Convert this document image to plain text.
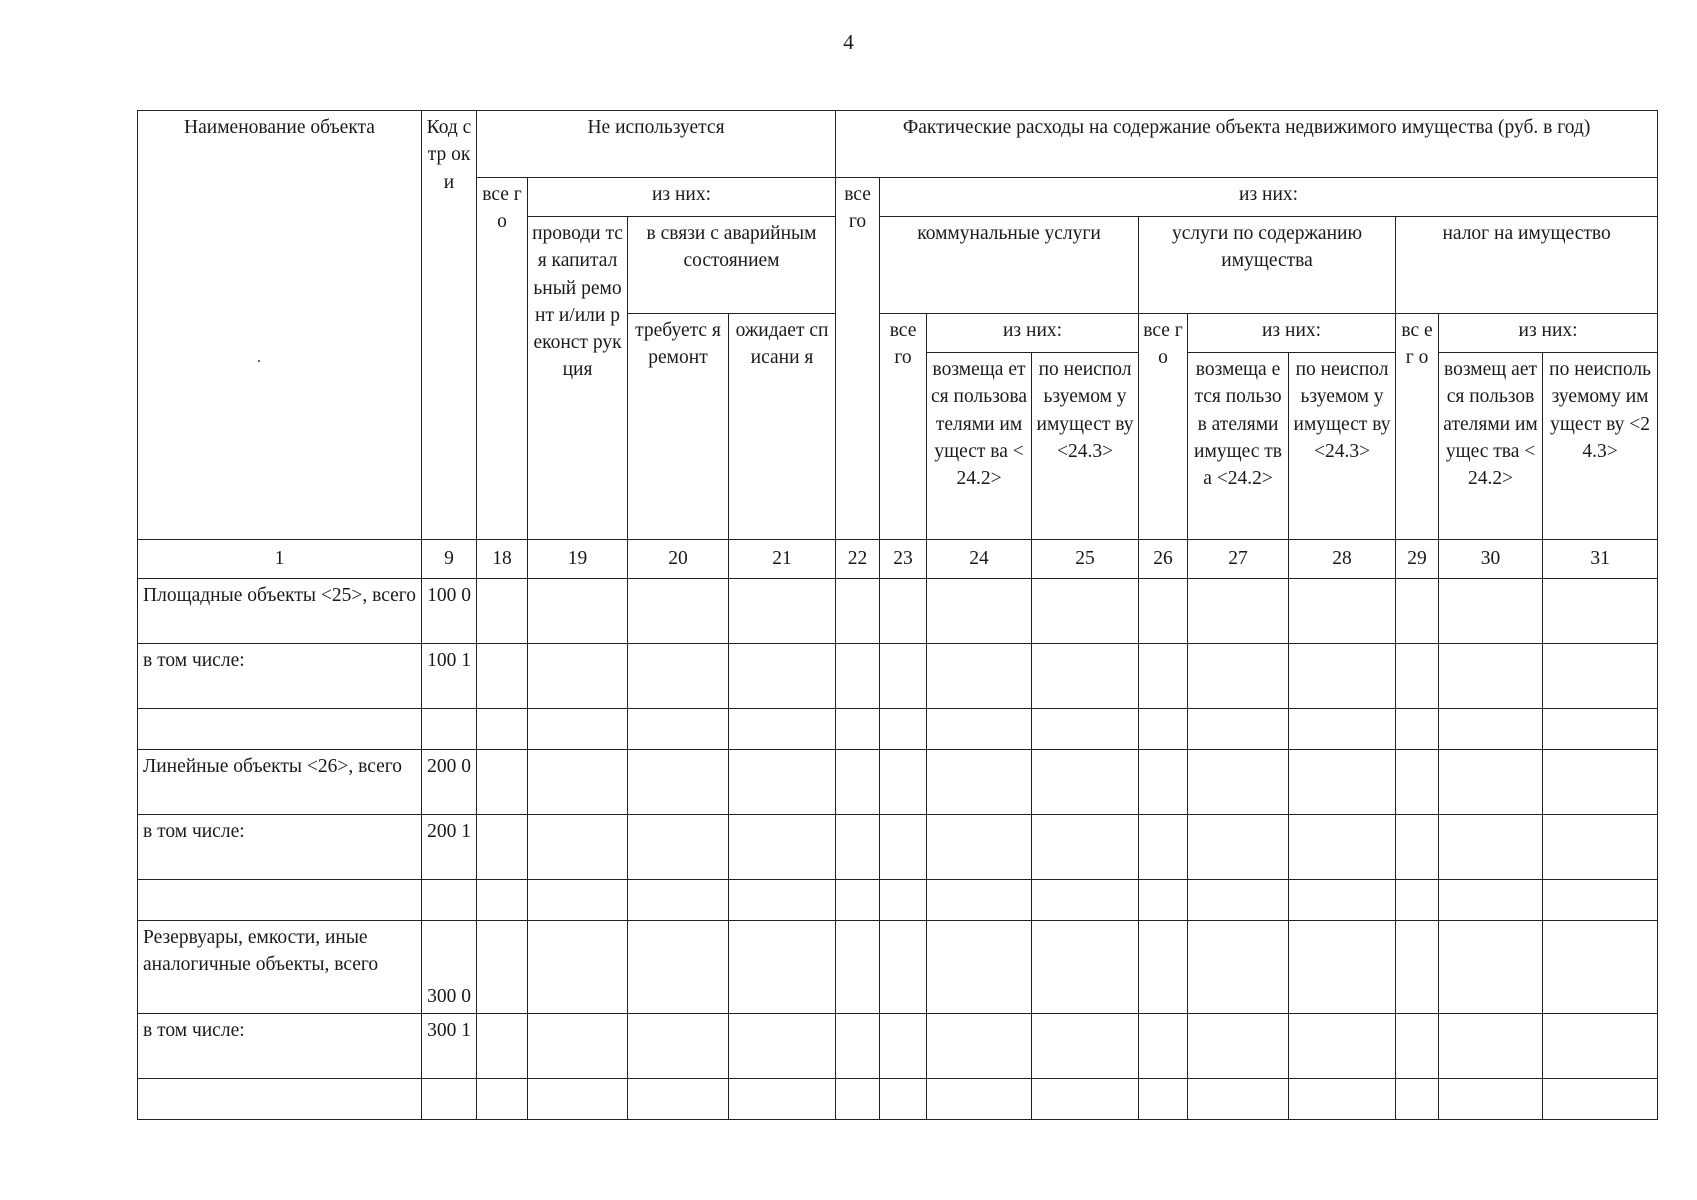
4
Наименование объекта	Код стр оки	Не используется				Фактические расходы на содержание объекта недвижимого имущества (руб. в год)									
		все го	из них:			все го	из них:								
			проводи тся капитал ьный ремонт и/или реконст рукция	в связи с аварийным состоянием			коммунальные услуги			услуги по содержанию имущества			налог на имущество		
				требуетс я ремонт	ожидает списани я		все го	из них:		все го	из них:		вс ег о	из них:	
								возмеща ется пользова телями имущест ва <24.2>	по неиспол ьзуемом у имущест ву <24.3>		возмеща ется пользов ателями имущес тва <24.2>	по неиспол ьзуемом у имущест ву <24.3>		возмещ ается пользов ателями имущес тва <24.2>	по неисполь зуемому имущест ву <24.3>
1	9	18	19	20	21	22	23	24	25	26	27	28	29	30	31
Площадные объекты <25>, всего	100 0														
в том числе:	100 1														

Линейные объекты <26>, всего	200 0														
в том числе:	200 1														

Резервуары, емкости, иные аналогичные объекты, всего	300 0														
в том числе:	300 1														
